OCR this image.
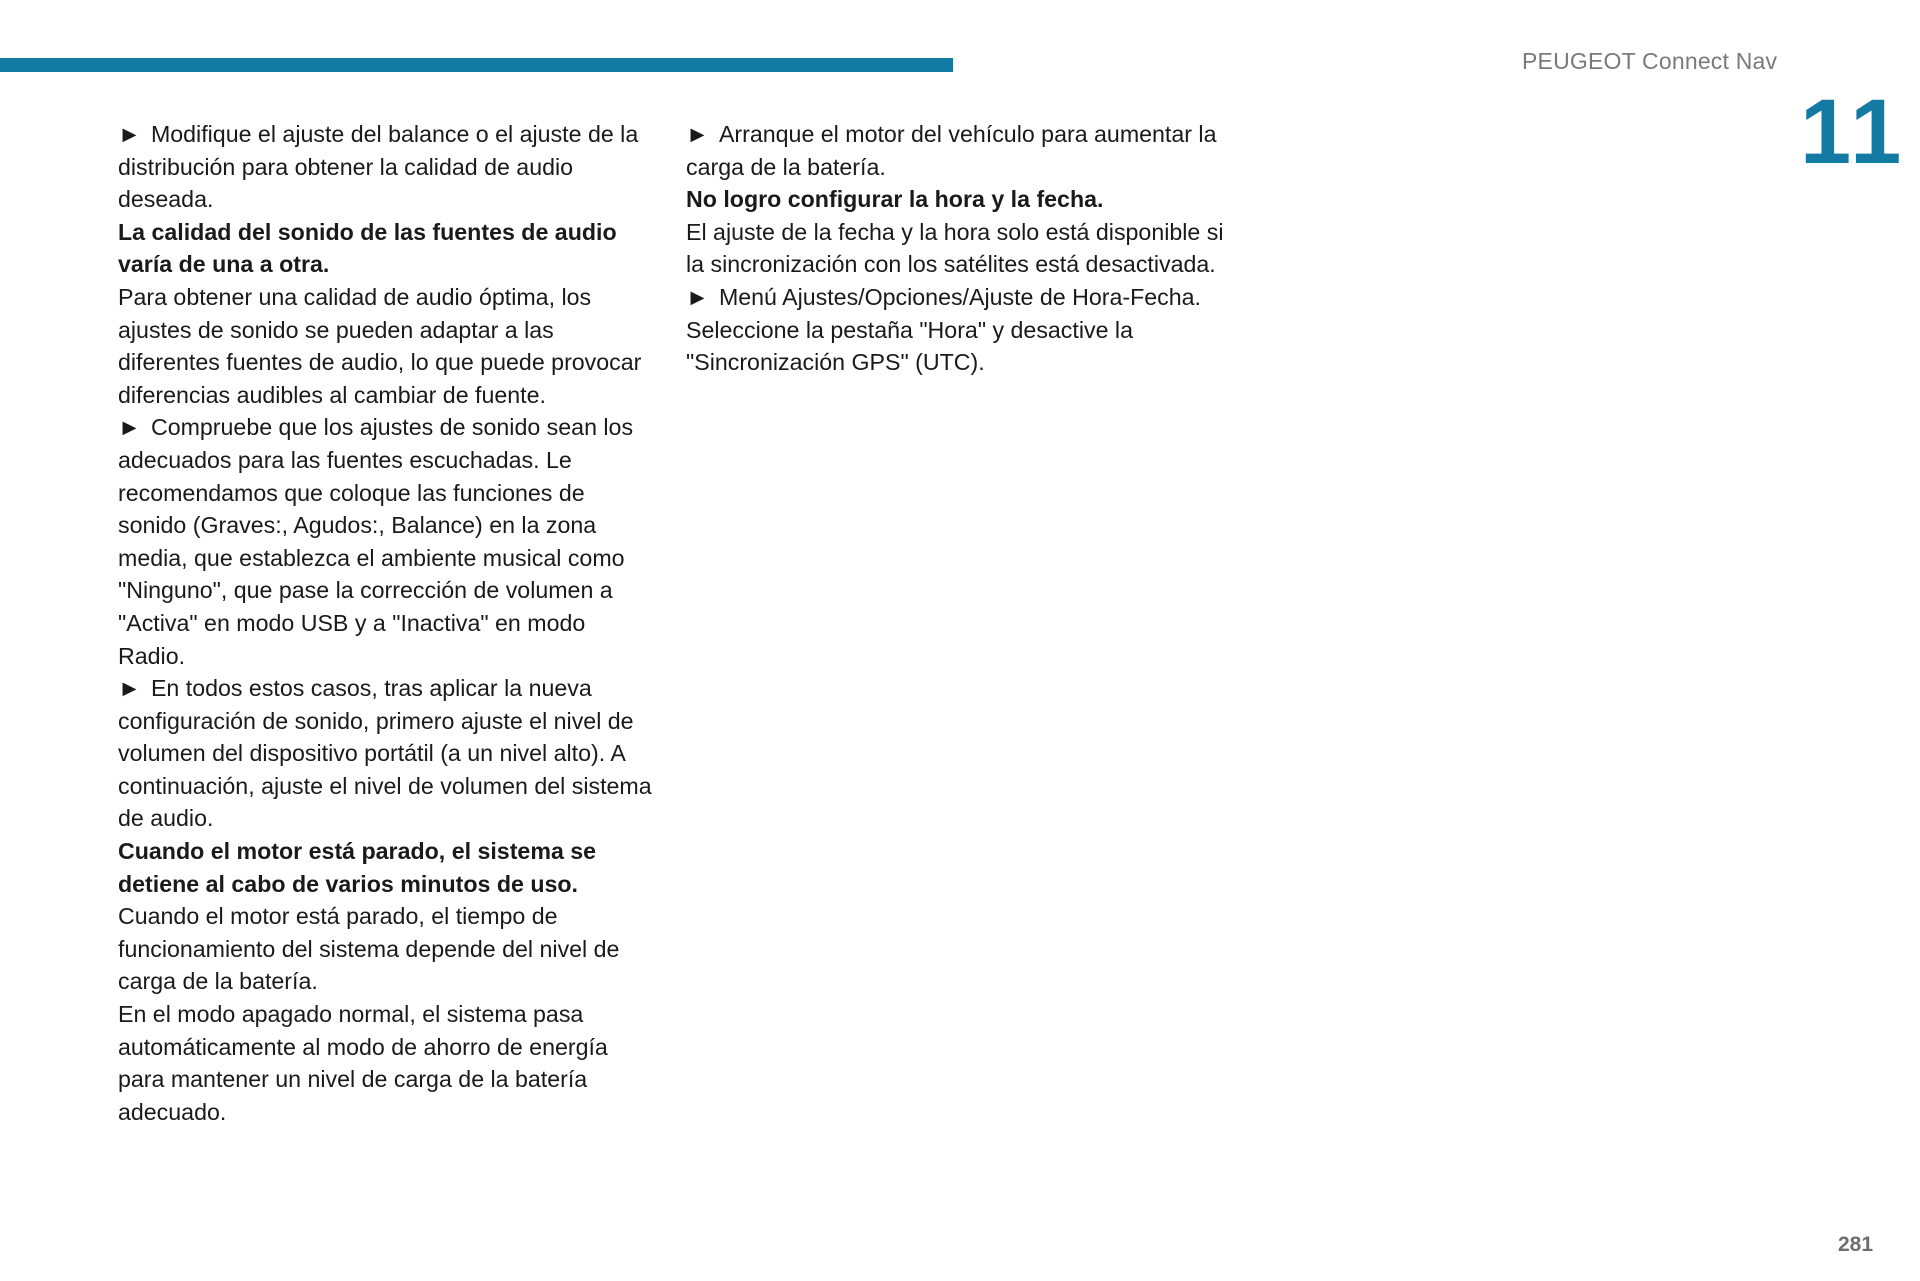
PEUGEOT Connect Nav
11

► Modifique el ajuste del balance o el ajuste de la distribución para obtener la calidad de audio deseada.

La calidad del sonido de las fuentes de audio varía de una a otra.

Para obtener una calidad de audio óptima, los ajustes de sonido se pueden adaptar a las diferentes fuentes de audio, lo que puede provocar diferencias audibles al cambiar de fuente.

► Compruebe que los ajustes de sonido sean los adecuados para las fuentes escuchadas. Le recomendamos que coloque las funciones de sonido (Graves:, Agudos:, Balance) en la zona media, que establezca el ambiente musical como "Ninguno", que pase la corrección de volumen a "Activa" en modo USB y a "Inactiva" en modo Radio.

► En todos estos casos, tras aplicar la nueva configuración de sonido, primero ajuste el nivel de volumen del dispositivo portátil (a un nivel alto). A continuación, ajuste el nivel de volumen del sistema de audio.

Cuando el motor está parado, el sistema se detiene al cabo de varios minutos de uso.

Cuando el motor está parado, el tiempo de funcionamiento del sistema depende del nivel de carga de la batería.

En el modo apagado normal, el sistema pasa automáticamente al modo de ahorro de energía para mantener un nivel de carga de la batería adecuado.

► Arranque el motor del vehículo para aumentar la carga de la batería.

No logro configurar la hora y la fecha.

El ajuste de la fecha y la hora solo está disponible si la sincronización con los satélites está desactivada.

► Menú Ajustes/Opciones/Ajuste de Hora-Fecha. Seleccione la pestaña "Hora" y desactive la "Sincronización GPS" (UTC).

281
